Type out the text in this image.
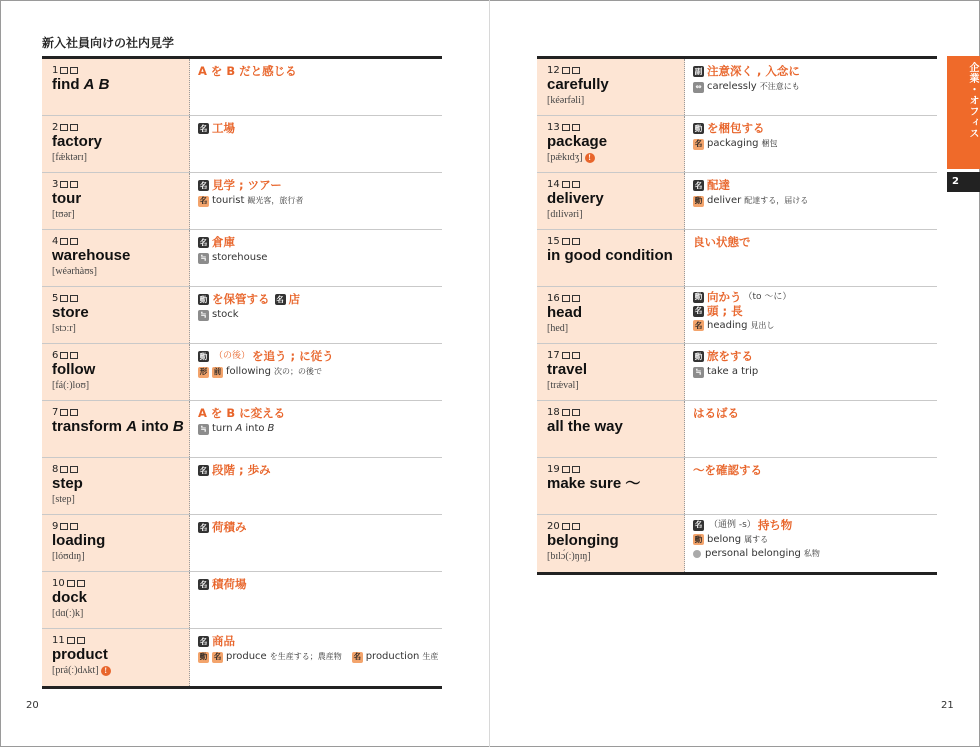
新入社員向けの社内見学
1
find A B
A を B だと感じる
2
factory
[fǽktərɪ]
名 工場
3
tour
[tʊər]
名 見学 ; ツアー
名 tourist 観光客，旅行者
4
warehouse
[wéərhàʊs]
名 倉庫
≒ storehouse
5
store
[stɔːr]
動 を保管する 名 店
≒ stock
6
follow
[fá(ː)loʊ]
動 （の後） を追う ; に従う
形 前 following 次の；の後で
7
transform A into B
A を B に変える
≒ turn A into B
8
step
[step]
名 段階 ; 歩み
9
loading
[lóʊdɪŋ]
名 荷積み
10
dock
[dɑ(ː)k]
名 積荷場
11
product
[prá(ː)dʌkt] !
名 商品
動 名 produce を生産する；農産物 名 production 生産
12
carefully
[kéərfəli]
副 注意深く , 入念に
⇔ carelessly 不注意にも
13
package
[pǽkɪdʒ] !
動 を梱包する
名 packaging 梱包
14
delivery
[dɪlívəri]
名 配達
動 deliver 配達する，届ける
15
in good condition
良い状態で
16
head
[hed]
動 向かう （to ～に）
名 頭 ; 長
名 heading 見出し
17
travel
[trǽvəl]
動 旅をする
≒ take a trip
18
all the way
はるばる
19
make sure ～
～を確認する
20
belonging
[bɪlɔ́(ː)ŋɪŋ]
名 （通例 -s） 持ち物
動 belong 属する
personal belonging 私物
企業・オフィス
2
20	21
